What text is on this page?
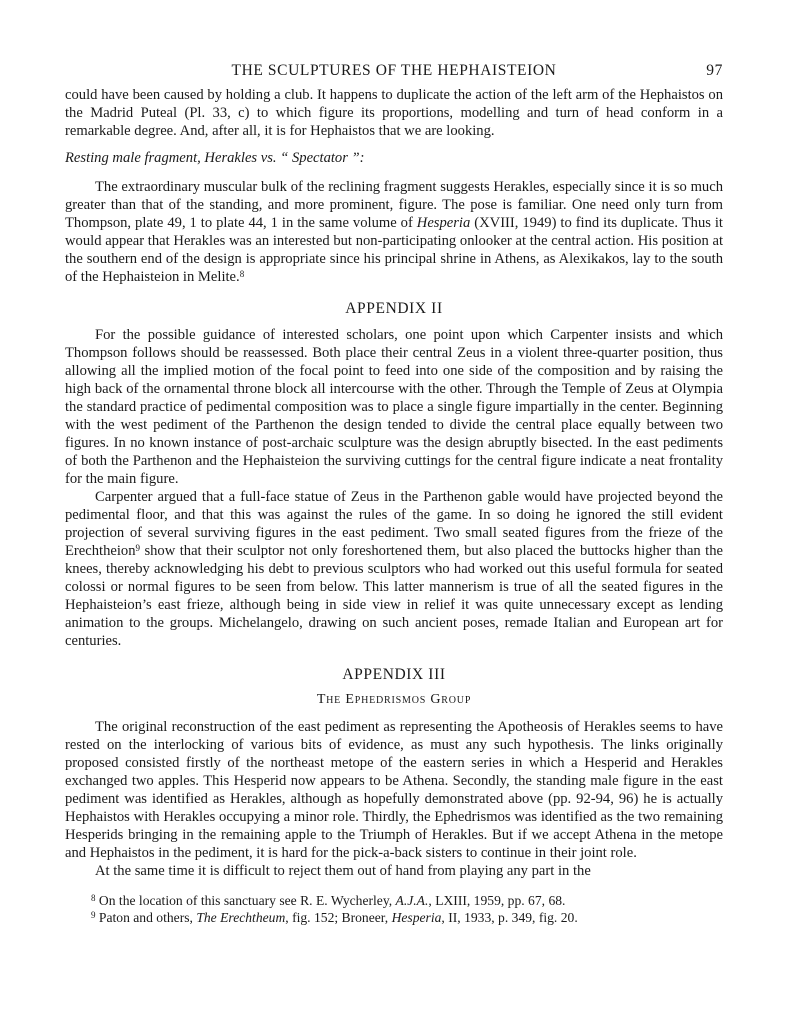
THE SCULPTURES OF THE HEPHAISTEION	97

could have been caused by holding a club. It happens to duplicate the action of the left arm of the Hephaistos on the Madrid Puteal (Pl. 33, c) to which figure its proportions, modelling and turn of head conform in a remarkable degree. And, after all, it is for Hephaistos that we are looking.

Resting male fragment, Herakles vs. “ Spectator ”:

The extraordinary muscular bulk of the reclining fragment suggests Herakles, especially since it is so much greater than that of the standing, and more prominent, figure. The pose is familiar. One need only turn from Thompson, plate 49, 1 to plate 44, 1 in the same volume of Hesperia (XVIII, 1949) to find its duplicate. Thus it would appear that Herakles was an interested but non-participating onlooker at the central action. His position at the southern end of the design is appropriate since his principal shrine in Athens, as Alexikakos, lay to the south of the Hephaisteion in Melite.$^8$

APPENDIX II

For the possible guidance of interested scholars, one point upon which Carpenter insists and which Thompson follows should be reassessed. Both place their central Zeus in a violent three-quarter position, thus allowing all the implied motion of the focal point to feed into one side of the composition and by raising the high back of the ornamental throne block all intercourse with the other. Through the Temple of Zeus at Olympia the standard practice of pedimental composition was to place a single figure impartially in the center. Beginning with the west pediment of the Parthenon the design tended to divide the central place equally between two figures. In no known instance of post-archaic sculpture was the design abruptly bisected. In the east pediments of both the Parthenon and the Hephaisteion the surviving cuttings for the central figure indicate a neat frontality for the main figure.

Carpenter argued that a full-face statue of Zeus in the Parthenon gable would have projected beyond the pedimental floor, and that this was against the rules of the game. In so doing he ignored the still evident projection of several surviving figures in the east pediment. Two small seated figures from the frieze of the Erechtheion$^9$ show that their sculptor not only foreshortened them, but also placed the buttocks higher than the knees, thereby acknowledging his debt to previous sculptors who had worked out this useful formula for seated colossi or normal figures to be seen from below. This latter mannerism is true of all the seated figures in the Hephaisteion’s east frieze, although being in side view in relief it was quite unnecessary except as lending animation to the groups. Michelangelo, drawing on such ancient poses, remade Italian and European art for centuries.

APPENDIX III
The Ephedrismos Group

The original reconstruction of the east pediment as representing the Apotheosis of Herakles seems to have rested on the interlocking of various bits of evidence, as must any such hypothesis. The links originally proposed consisted firstly of the northeast metope of the eastern series in which a Hesperid and Herakles exchanged two apples. This Hesperid now appears to be Athena. Secondly, the standing male figure in the east pediment was identified as Herakles, although as hopefully demonstrated above (pp. 92-94, 96) he is actually Hephaistos with Herakles occupying a minor role. Thirdly, the Ephedrismos was identified as the two remaining Hesperids bringing in the remaining apple to the Triumph of Herakles. But if we accept Athena in the metope and Hephaistos in the pediment, it is hard for the pick-a-back sisters to continue in their joint role.

At the same time it is difficult to reject them out of hand from playing any part in the

$^8$ On the location of this sanctuary see R. E. Wycherley, A.J.A., LXIII, 1959, pp. 67, 68.

$^9$ Paton and others, The Erechtheum, fig. 152; Broneer, Hesperia, II, 1933, p. 349, fig. 20.
